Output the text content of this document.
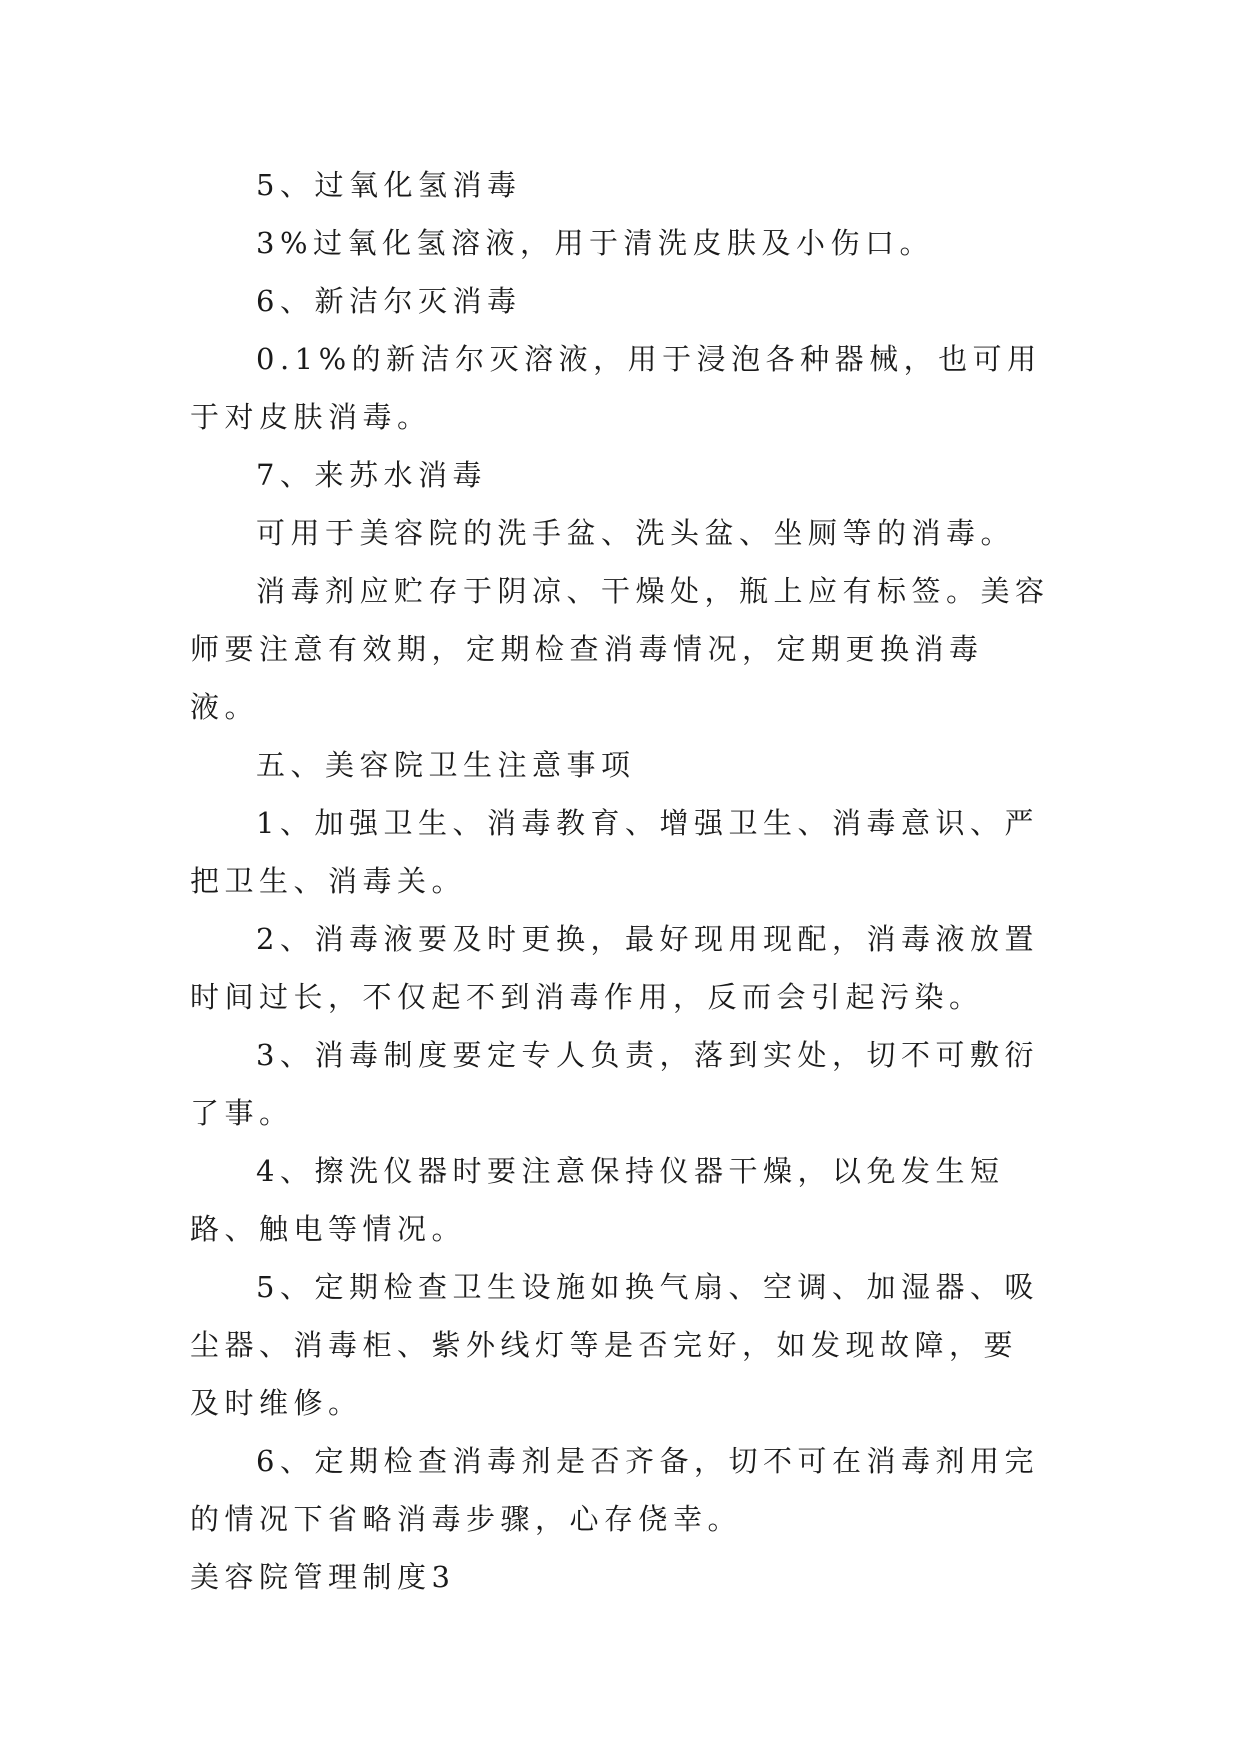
5、过氧化氢消毒

3%过氧化氢溶液，用于清洗皮肤及小伤口。

6、新洁尔灭消毒

0.1%的新洁尔灭溶液，用于浸泡各种器械，也可用于对皮肤消毒。

7、来苏水消毒

可用于美容院的洗手盆、洗头盆、坐厕等的消毒。

消毒剂应贮存于阴凉、干燥处，瓶上应有标签。美容师要注意有效期，定期检查消毒情况，定期更换消毒液。

五、美容院卫生注意事项

1、加强卫生、消毒教育、增强卫生、消毒意识、严把卫生、消毒关。

2、消毒液要及时更换，最好现用现配，消毒液放置时间过长，不仅起不到消毒作用，反而会引起污染。

3、消毒制度要定专人负责，落到实处，切不可敷衍了事。

4、擦洗仪器时要注意保持仪器干燥，以免发生短路、触电等情况。

5、定期检查卫生设施如换气扇、空调、加湿器、吸尘器、消毒柜、紫外线灯等是否完好，如发现故障，要及时维修。

6、定期检查消毒剂是否齐备，切不可在消毒剂用完的情况下省略消毒步骤，心存侥幸。

美容院管理制度3
